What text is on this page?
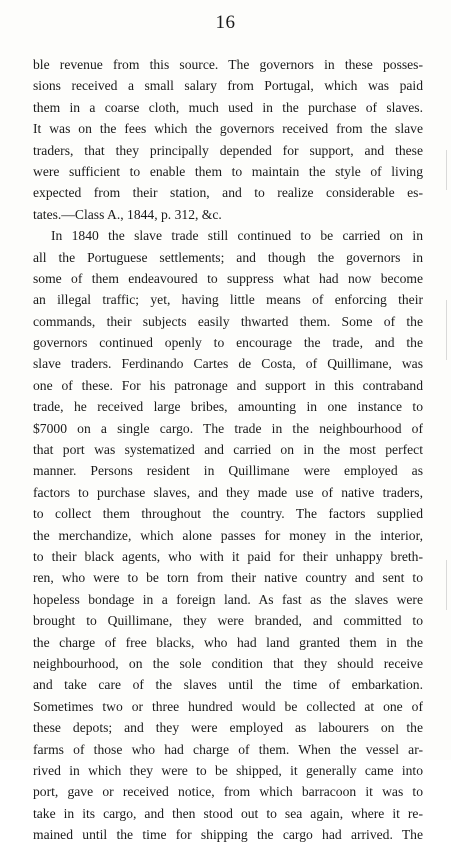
16
ble revenue from this source. The governors in these posses-
sions received a small salary from Portugal, which was paid
them in a coarse cloth, much used in the purchase of slaves.
It was on the fees which the governors received from the slave
traders, that they principally depended for support, and these
were sufficient to enable them to maintain the style of living
expected from their station, and to realize considerable es-
tates.—Class A., 1844, p. 312, &c.
In 1840 the slave trade still continued to be carried on in
all the Portuguese settlements; and though the governors in
some of them endeavoured to suppress what had now become
an illegal traffic; yet, having little means of enforcing their
commands, their subjects easily thwarted them. Some of the
governors continued openly to encourage the trade, and the
slave traders. Ferdinando Cartes de Costa, of Quillimane, was
one of these. For his patronage and support in this contraband
trade, he received large bribes, amounting in one instance to
$7000 on a single cargo. The trade in the neighbourhood of
that port was systematized and carried on in the most perfect
manner. Persons resident in Quillimane were employed as
factors to purchase slaves, and they made use of native traders,
to collect them throughout the country. The factors supplied
the merchandize, which alone passes for money in the interior,
to their black agents, who with it paid for their unhappy breth-
ren, who were to be torn from their native country and sent to
hopeless bondage in a foreign land. As fast as the slaves were
brought to Quillimane, they were branded, and committed to
the charge of free blacks, who had land granted them in the
neighbourhood, on the sole condition that they should receive
and take care of the slaves until the time of embarkation.
Sometimes two or three hundred would be collected at one of
these depots; and they were employed as labourers on the
farms of those who had charge of them. When the vessel ar-
rived in which they were to be shipped, it generally came into
port, gave or received notice, from which barracoon it was to
take in its cargo, and then stood out to sea again, where it re-
mained until the time for shipping the cargo had arrived. The
